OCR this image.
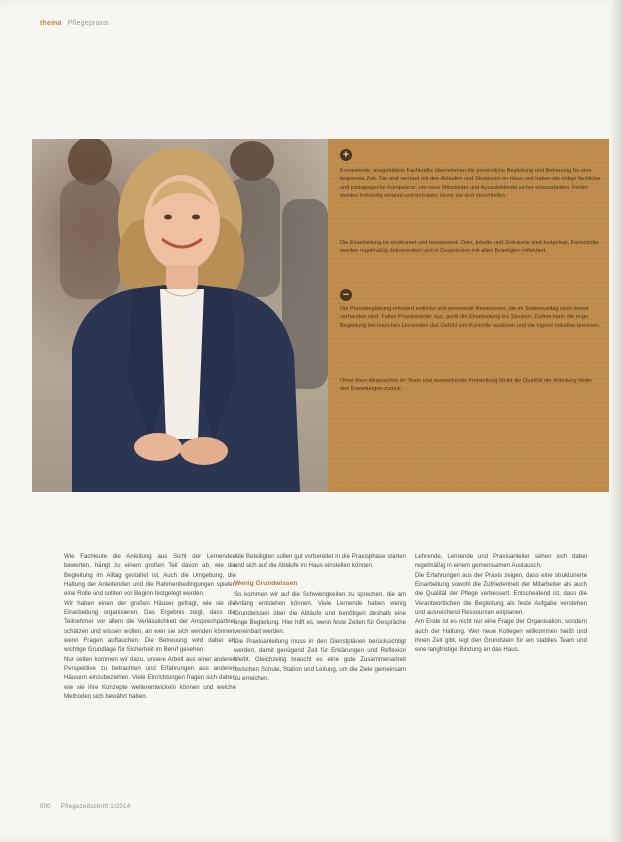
thema Pflegepraxis
+
Kompetente, ausgebildete Fachkräfte übernehmen die persönliche Begleitung und Betreuung für eine begrenzte Zeit. Sie sind vertraut mit den Abläufen und Strukturen im Haus und haben die nötige fachliche und pädagogische Kompetenz, um neue Mitarbeiter und Auszubildende sicher einzuarbeiten. Fehler werden frühzeitig erkannt und behoben, bevor sie sich einschleifen.
Die Einarbeitung ist strukturiert und transparent: Ziele, Inhalte und Zeiträume sind festgelegt, Fortschritte werden regelmäßig dokumentiert und in Gesprächen mit allen Beteiligten reflektiert.
−
Die Praxisbegleitung erfordert zeitliche und personelle Ressourcen, die im Stationsalltag nicht immer vorhanden sind. Fallen Praxisanleiter aus, gerät die Einarbeitung ins Stocken. Zudem kann die enge Begleitung bei manchen Lernenden das Gefühl von Kontrolle auslösen und die eigene Initiative bremsen.
Ohne klare Absprachen im Team und ausreichende Freistellung bleibt die Qualität der Anleitung hinter den Erwartungen zurück.

Wie Fachleute die Anleitung aus Sicht der Lernenden bewerten, hängt zu einem großen Teil davon ab, wie die Begleitung im Alltag gestaltet ist. Auch die Umgebung, die Haltung der Anleitenden und die Rahmenbedingungen spielen eine Rolle und sollten vor Beginn festgelegt werden.

Wir haben einen der großen Häuser gefragt, wie sie die Einarbeitung organisieren. Das Ergebnis zeigt, dass die Teilnehmer vor allem die Verlässlichkeit der Ansprechpartner schätzen und wissen wollen, an wen sie sich wenden können, wenn Fragen auftauchen. Die Betreuung wird dabei als wichtige Grundlage für Sicherheit im Beruf gesehen.

Nur selten kommen wir dazu, unsere Arbeit aus einer anderen Perspektive zu betrachten und Erfahrungen aus anderen Häusern einzubeziehen. Viele Einrichtungen fragen sich daher, wie sie ihre Konzepte weiterentwickeln können und welche Methoden sich bewährt haben.

Alle Beteiligten sollen gut vorbereitet in die Praxisphase starten und sich auf die Abläufe im Haus einstellen können.

Wenig Grundwissen

So kommen wir auf die Schwierigkeiten zu sprechen, die am Anfang entstehen können. Viele Lernende haben wenig Grundwissen über die Abläufe und benötigen deshalb eine enge Begleitung. Hier hilft es, wenn feste Zeiten für Gespräche vereinbart werden.

Die Praxisanleitung muss in den Dienstplänen berücksichtigt werden, damit genügend Zeit für Erklärungen und Reflexion bleibt. Gleichzeitig braucht es eine gute Zusammenarbeit zwischen Schule, Station und Leitung, um die Ziele gemeinsam zu erreichen.

Lehrende, Lernende und Praxisanleiter sehen sich dabei regelmäßig in einem gemeinsamen Austausch.

Die Erfahrungen aus der Praxis zeigen, dass eine strukturierte Einarbeitung sowohl die Zufriedenheit der Mitarbeiter als auch die Qualität der Pflege verbessert. Entscheidend ist, dass die Verantwortlichen die Begleitung als feste Aufgabe verstehen und ausreichend Ressourcen einplanen.

Am Ende ist es nicht nur eine Frage der Organisation, sondern auch der Haltung. Wer neue Kollegen willkommen heißt und ihnen Zeit gibt, legt den Grundstein für ein stabiles Team und eine langfristige Bindung an das Haus.

000 Pflegezeitschrift 1/2014
